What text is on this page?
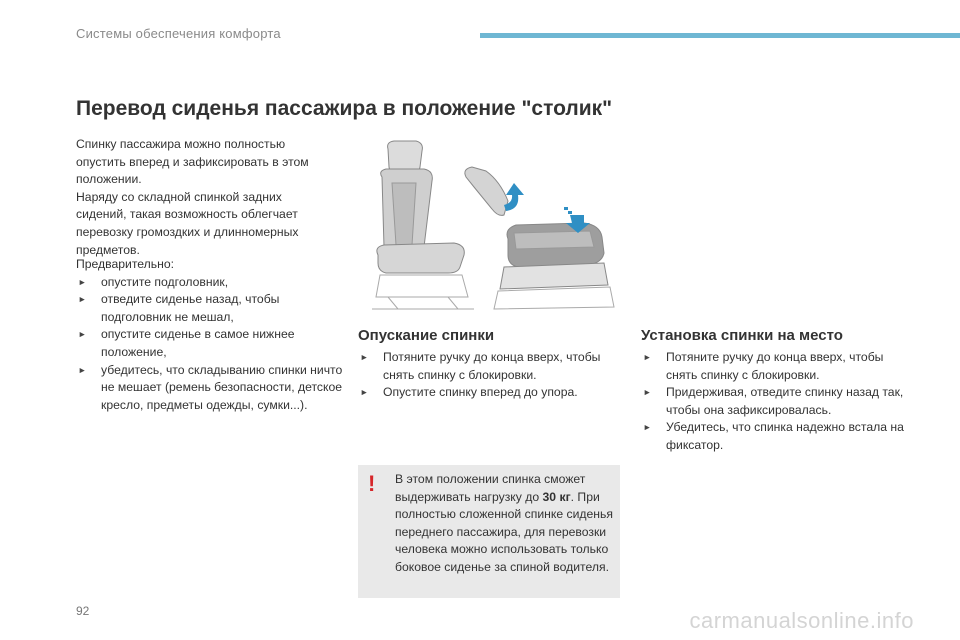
Системы обеспечения комфорта
Перевод сиденья пассажира в положение "столик"
Спинку пассажира можно полностью
опустить вперед и зафиксировать в этом
положении.
Наряду со складной спинкой задних
сидений, такая возможность облегчает
перевозку громоздких и длинномерных
предметов.
Предварительно:
► опустите подголовник,
► отведите сиденье назад, чтобы подголовник не мешал,
► опустите сиденье в самое нижнее положение,
► убедитесь, что складыванию спинки ничто не мешает (ремень безопасности, детское кресло, предметы одежды, сумки...).
Опускание спинки
► Потяните ручку до конца вверх, чтобы снять спинку с блокировки.
► Опустите спинку вперед до упора.
Установка спинки на место
► Потяните ручку до конца вверх, чтобы снять спинку с блокировки.
► Придерживая, отведите спинку назад так, чтобы она зафиксировалась.
► Убедитесь, что спинка надежно встала на фиксатор.
! В этом положении спинка сможет выдерживать нагрузку до 30 кг. При полностью сложенной спинке сиденья переднего пассажира, для перевозки человека можно использовать только боковое сиденье за спиной водителя.
92	carmanualsonline.info
